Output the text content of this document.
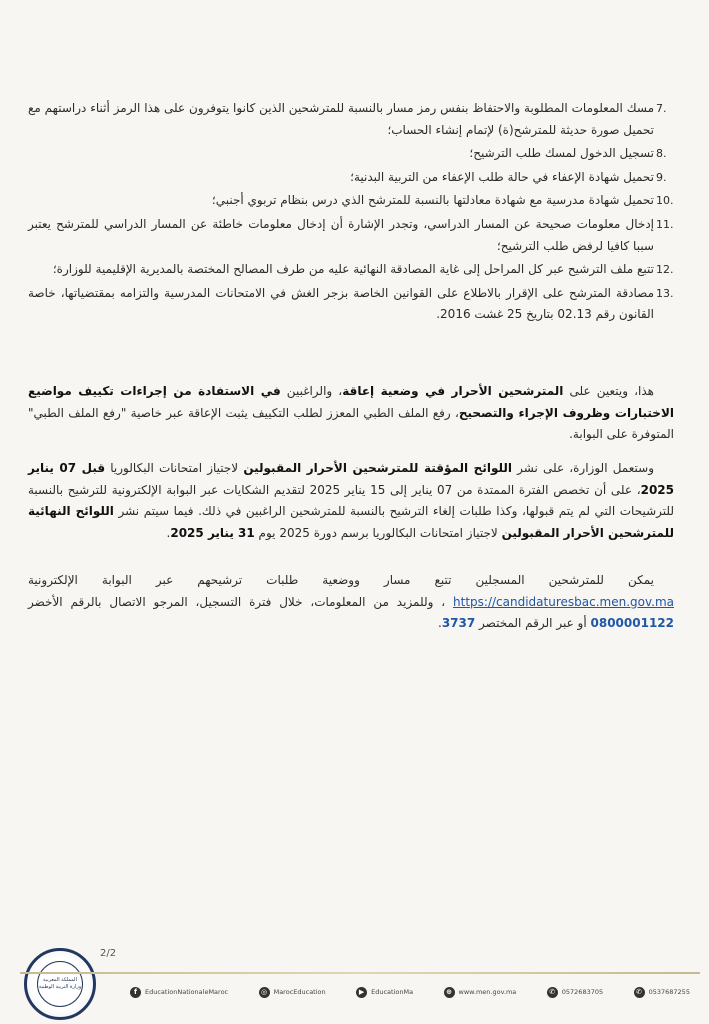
.7
مسك المعلومات المطلوبة والاحتفاظ بنفس رمز مسار بالنسبة للمترشحين الذين كانوا يتوفرون على هذا الرمز أثناء دراستهم مع تحميل صورة حديثة للمترشح(ة) لإتمام إنشاء الحساب؛
.8
تسجيل الدخول لمسك طلب الترشيح؛
.9
تحميل شهادة الإعفاء في حالة طلب الإعفاء من التربية البدنية؛
.10
تحميل شهادة مدرسية مع شهادة معادلتها بالنسبة للمترشح الذي درس بنظام تربوي أجنبي؛
.11
إدخال معلومات صحيحة عن المسار الدراسي، وتجدر الإشارة أن إدخال معلومات خاطئة عن المسار الدراسي للمترشح يعتبر سببا كافيا لرفض طلب الترشيح؛
.12
تتبع ملف الترشيح عبر كل المراحل إلى غاية المصادقة النهائية عليه من طرف المصالح المختصة بالمديرية الإقليمية للوزارة؛
.13
مصادقة المترشح على الإقرار بالاطلاع على القوانين الخاصة بزجر الغش في الامتحانات المدرسية والتزامه بمقتضياتها، خاصة القانون رقم 02.13 بتاريخ 25 غشت 2016.
هذا، ويتعين على المترشحين الأحرار في وضعية إعاقة، والراغبين في الاستفادة من إجراءات تكييف مواضيع الاختبارات وظروف الإجراء والتصحيح، رفع الملف الطبي المعزز لطلب التكييف يثبت الإعاقة عبر خاصية "رفع الملف الطبي" المتوفرة على البوابة.
وستعمل الوزارة، على نشر اللوائح المؤقتة للمترشحين الأحرار المقبولين لاجتياز امتحانات البكالوريا قبل 07 يناير 2025، على أن تخصص الفترة الممتدة من 07 يناير إلى 15 يناير 2025 لتقديم الشكايات عبر البوابة الإلكترونية للترشيح بالنسبة للترشيحات التي لم يتم قبولها، وكذا طلبات إلغاء الترشيح بالنسبة للمترشحين الراغبين في ذلك. فيما سيتم نشر اللوائح النهائية للمترشحين الأحرار المقبولين لاجتياز امتحانات البكالوريا برسم دورة 2025 يوم 31 يناير 2025.
يمكن للمترشحين المسجلين تتبع مسار ووضعية طلبات ترشيحهم عبر البوابة الإلكترونية https://candidaturesbac.men.gov.ma ، وللمزيد من المعلومات، خلال فترة التسجيل، المرجو الاتصال بالرقم الأخضر 0800001122 أو عبر الرقم المختصر 3737.
2/2
المملكة المغربية وزارة التربية الوطنية
f	EducationNationaleMaroc	◎ MarocEducation	▶	EducationMa	⊕	www.men.gov.ma	✆	0572683705	✆	0537687255
